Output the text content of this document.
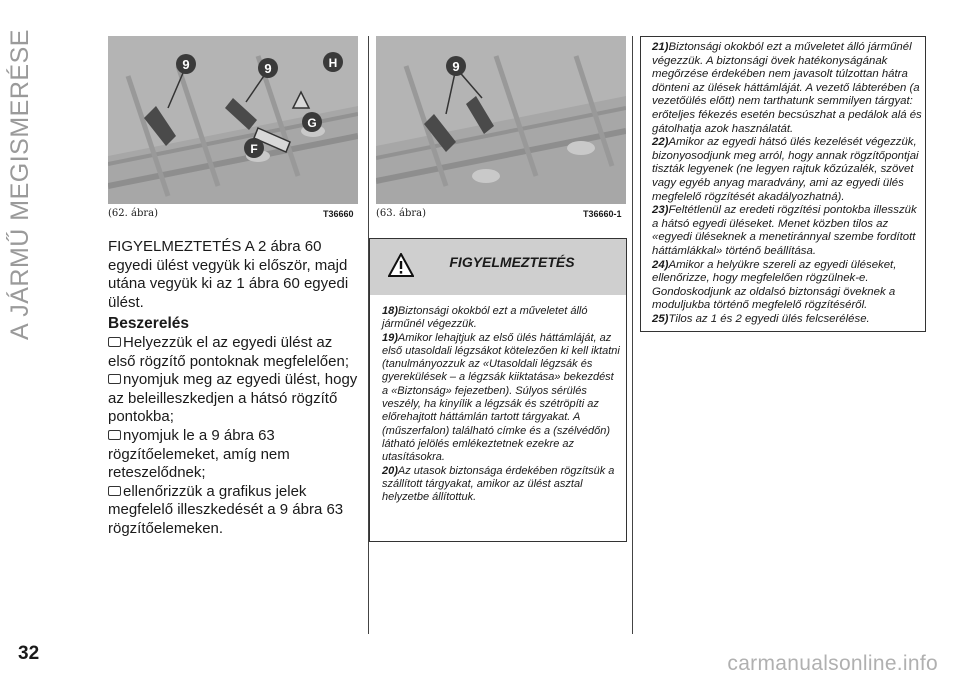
A JÁRMŰ MEGISMERÉSE	9	9	H
G
F
(62. ábra)	T36660
9
(63. ábra)	T36660-1

FIGYELMEZTETÉS A 2 ábra 60 egyedi ülést vegyük ki először, majd utána vegyük ki az 1 ábra 60 egyedi ülést.

Beszerelés

Helyezzük el az egyedi ülést az első rögzítő pontoknak megfelelően;

nyomjuk meg az egyedi ülést, hogy az beleilleszkedjen a hátsó rögzítő pontokba;

nyomjuk le a 9 ábra 63 rögzítőelemeket, amíg nem reteszelődnek;

ellenőrizzük a grafikus jelek megfelelő illeszkedését a 9 ábra 63 rögzítőelemeken.

FIGYELMEZTETÉS
18)Biztonsági okokból ezt a műveletet álló járműnél végezzük.
19)Amikor lehajtjuk az első ülés háttámláját, az első utasoldali légzsákot kötelezően ki kell iktatni (tanulmányozzuk az «Utasoldali légzsák és gyerekülések – a légzsák kiiktatása» bekezdést a «Biztonság» fejezetben). Súlyos sérülés veszély, ha kinyílik a légzsák és szétröpíti az előrehajtott háttámlán tartott tárgyakat. A (műszerfalon) található címke és a (szélvédőn) látható jelölés emlékeztetnek ezekre az utasításokra.
20)Az utasok biztonsága érdekében rögzítsük a szállított tárgyakat, amikor az ülést asztal helyzetbe állítottuk.
21)Biztonsági okokból ezt a műveletet álló járműnél végezzük. A biztonsági övek hatékonyságának megőrzése érdekében nem javasolt túlzottan hátra dönteni az ülések háttámláját. A vezető lábterében (a vezetőülés előtt) nem tarthatunk semmilyen tárgyat: erőteljes fékezés esetén becsúszhat a pedálok alá és gátolhatja azok használatát.
22)Amikor az egyedi hátsó ülés kezelését végezzük, bizonyosodjunk meg arról, hogy annak rögzítőpontjai tiszták legyenek (ne legyen rajtuk kőzúzalék, szövet vagy egyéb anyag maradvány, ami az egyedi ülés megfelelő rögzítését akadályozhatná).
23)Feltétlenül az eredeti rögzítési pontokba illesszük a hátsó egyedi üléseket. Menet közben tilos az «egyedi üléseknek a menetiránnyal szembe fordított háttámlákkal» történő beállítása.
24)Amikor a helyükre szereli az egyedi üléseket, ellenőrizze, hogy megfelelően rögzülnek-e. Gondoskodjunk az oldalsó biztonsági öveknek a moduljukba történő megfelelő rögzítéséről.
25)Tilos az 1 és 2 egyedi ülés felcserélése.
32	carmanualsonline.info
